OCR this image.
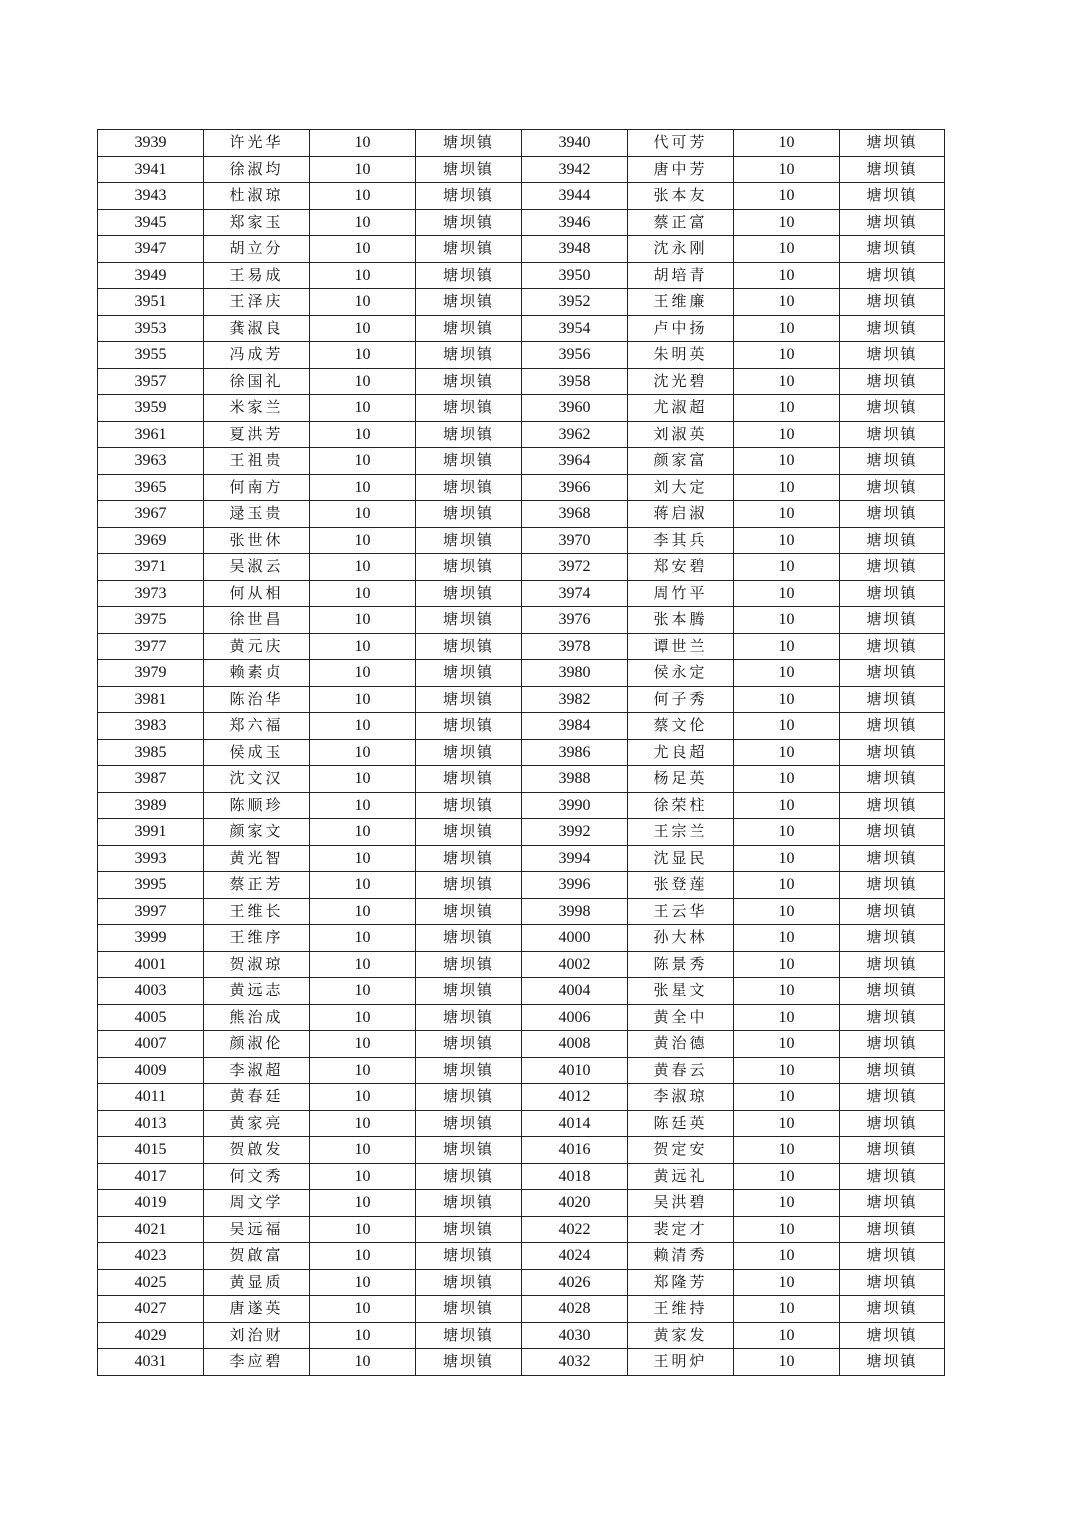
3939	许光华	10	塘坝镇	3940	代可芳	10	塘坝镇
3941	徐淑均	10	塘坝镇	3942	唐中芳	10	塘坝镇
3943	杜淑琼	10	塘坝镇	3944	张本友	10	塘坝镇
3945	郑家玉	10	塘坝镇	3946	蔡正富	10	塘坝镇
3947	胡立分	10	塘坝镇	3948	沈永刚	10	塘坝镇
3949	王易成	10	塘坝镇	3950	胡培青	10	塘坝镇
3951	王泽庆	10	塘坝镇	3952	王维廉	10	塘坝镇
3953	龚淑良	10	塘坝镇	3954	卢中扬	10	塘坝镇
3955	冯成芳	10	塘坝镇	3956	朱明英	10	塘坝镇
3957	徐国礼	10	塘坝镇	3958	沈光碧	10	塘坝镇
3959	米家兰	10	塘坝镇	3960	尤淑超	10	塘坝镇
3961	夏洪芳	10	塘坝镇	3962	刘淑英	10	塘坝镇
3963	王祖贵	10	塘坝镇	3964	颜家富	10	塘坝镇
3965	何南方	10	塘坝镇	3966	刘大定	10	塘坝镇
3967	逯玉贵	10	塘坝镇	3968	蒋启淑	10	塘坝镇
3969	张世休	10	塘坝镇	3970	李其兵	10	塘坝镇
3971	吴淑云	10	塘坝镇	3972	郑安碧	10	塘坝镇
3973	何从相	10	塘坝镇	3974	周竹平	10	塘坝镇
3975	徐世昌	10	塘坝镇	3976	张本腾	10	塘坝镇
3977	黄元庆	10	塘坝镇	3978	谭世兰	10	塘坝镇
3979	赖素贞	10	塘坝镇	3980	侯永定	10	塘坝镇
3981	陈治华	10	塘坝镇	3982	何子秀	10	塘坝镇
3983	郑六福	10	塘坝镇	3984	蔡文伦	10	塘坝镇
3985	侯成玉	10	塘坝镇	3986	尤良超	10	塘坝镇
3987	沈文汉	10	塘坝镇	3988	杨足英	10	塘坝镇
3989	陈顺珍	10	塘坝镇	3990	徐荣柱	10	塘坝镇
3991	颜家文	10	塘坝镇	3992	王宗兰	10	塘坝镇
3993	黄光智	10	塘坝镇	3994	沈显民	10	塘坝镇
3995	蔡正芳	10	塘坝镇	3996	张登莲	10	塘坝镇
3997	王维长	10	塘坝镇	3998	王云华	10	塘坝镇
3999	王维序	10	塘坝镇	4000	孙大林	10	塘坝镇
4001	贺淑琼	10	塘坝镇	4002	陈景秀	10	塘坝镇
4003	黄远志	10	塘坝镇	4004	张星文	10	塘坝镇
4005	熊治成	10	塘坝镇	4006	黄全中	10	塘坝镇
4007	颜淑伦	10	塘坝镇	4008	黄治德	10	塘坝镇
4009	李淑超	10	塘坝镇	4010	黄春云	10	塘坝镇
4011	黄春廷	10	塘坝镇	4012	李淑琼	10	塘坝镇
4013	黄家亮	10	塘坝镇	4014	陈廷英	10	塘坝镇
4015	贺啟发	10	塘坝镇	4016	贺定安	10	塘坝镇
4017	何文秀	10	塘坝镇	4018	黄远礼	10	塘坝镇
4019	周文学	10	塘坝镇	4020	吴洪碧	10	塘坝镇
4021	吴远福	10	塘坝镇	4022	裴定才	10	塘坝镇
4023	贺啟富	10	塘坝镇	4024	赖清秀	10	塘坝镇
4025	黄显质	10	塘坝镇	4026	郑隆芳	10	塘坝镇
4027	唐遂英	10	塘坝镇	4028	王维持	10	塘坝镇
4029	刘治财	10	塘坝镇	4030	黄家发	10	塘坝镇
4031	李应碧	10	塘坝镇	4032	王明炉	10	塘坝镇
